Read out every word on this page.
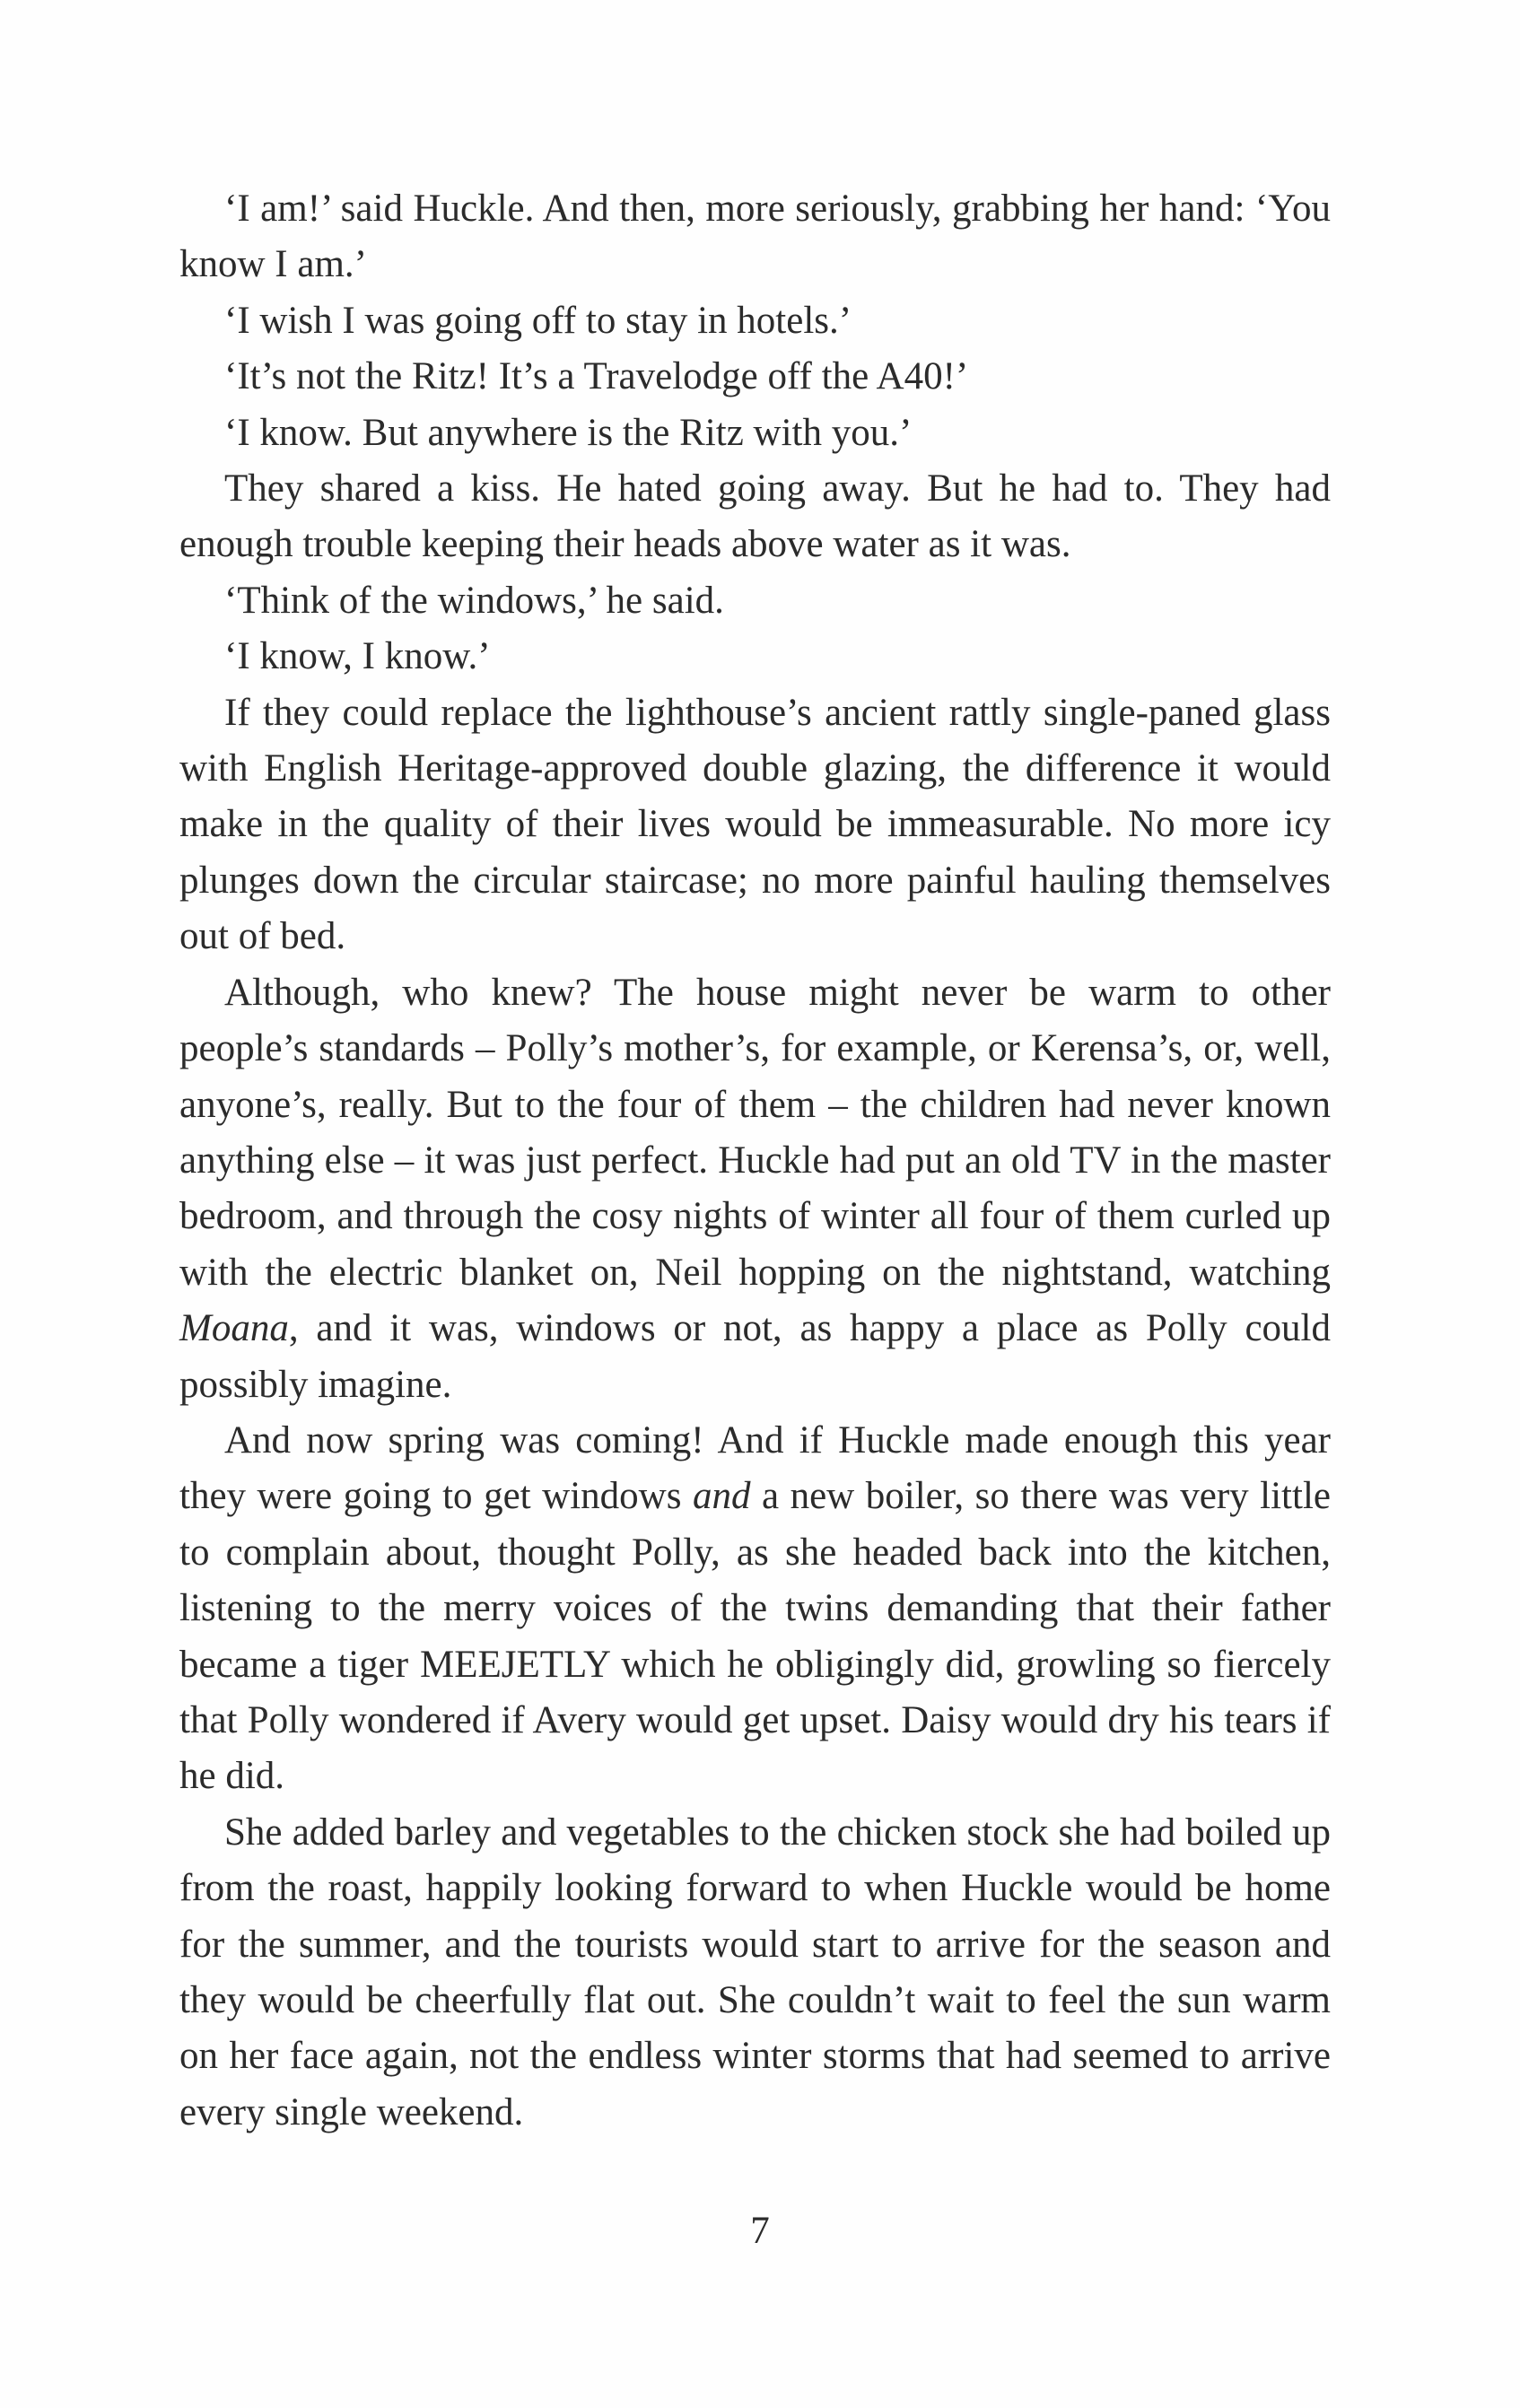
‘I am!’ said Huckle. And then, more seriously, grabbing her hand: ‘You know I am.’

‘I wish I was going off to stay in hotels.’

‘It’s not the Ritz! It’s a Travelodge off the A40!’

‘I know. But anywhere is the Ritz with you.’

They shared a kiss. He hated going away. But he had to. They had enough trouble keeping their heads above water as it was.

‘Think of the windows,’ he said.

‘I know, I know.’

If they could replace the lighthouse’s ancient rattly single-paned glass with English Heritage-approved double glazing, the difference it would make in the quality of their lives would be immeasurable. No more icy plunges down the circular staircase; no more painful hauling themselves out of bed.

Although, who knew? The house might never be warm to other people’s standards – Polly’s mother’s, for example, or Kerensa’s, or, well, anyone’s, really. But to the four of them – the children had never known anything else – it was just perfect. Huckle had put an old TV in the master bedroom, and through the cosy nights of winter all four of them curled up with the electric blanket on, Neil hopping on the nightstand, watching Moana, and it was, windows or not, as happy a place as Polly could possibly imagine.

And now spring was coming! And if Huckle made enough this year they were going to get windows and a new boiler, so there was very little to complain about, thought Polly, as she headed back into the kitchen, listening to the merry voices of the twins demanding that their father became a tiger MEEJETLY which he obligingly did, growling so fiercely that Polly wondered if Avery would get upset. Daisy would dry his tears if he did.

She added barley and vegetables to the chicken stock she had boiled up from the roast, happily looking forward to when Huckle would be home for the summer, and the tourists would start to arrive for the season and they would be cheerfully flat out. She couldn’t wait to feel the sun warm on her face again, not the endless winter storms that had seemed to arrive every single weekend.

7
